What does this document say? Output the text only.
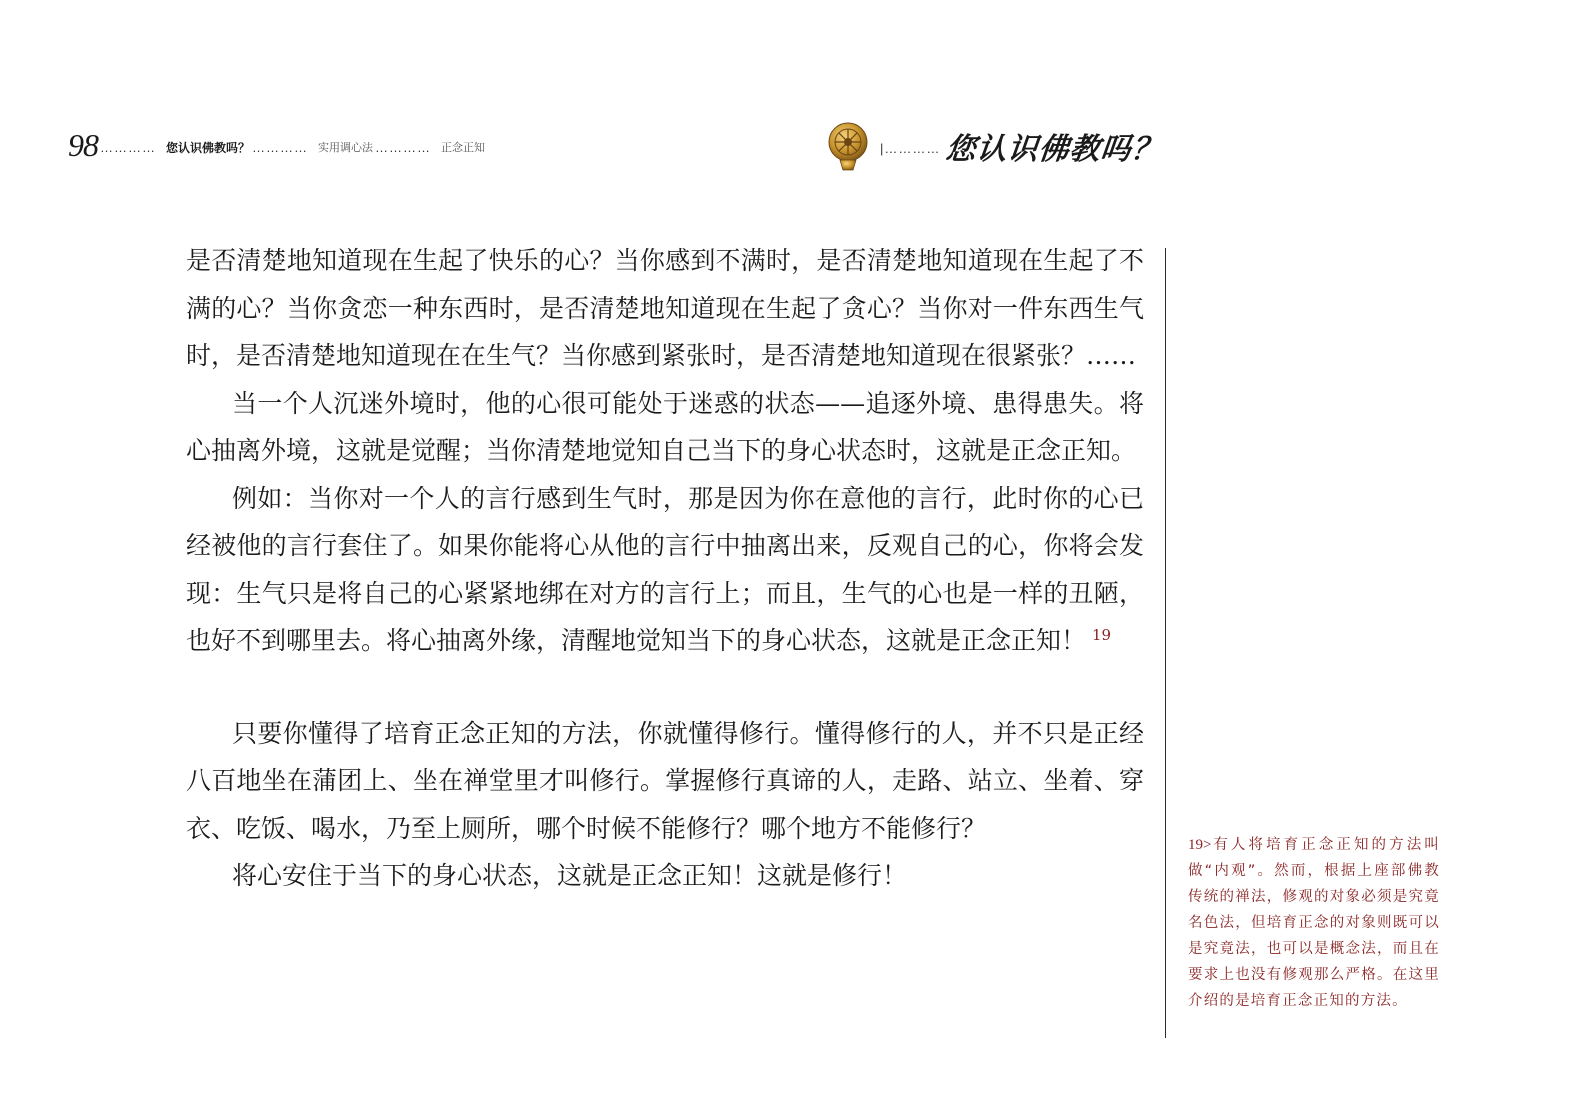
98 ………… 您认识佛教吗？ ………… 实用调心法 ………… 正念正知	|………… 您认识佛教吗？

是否清楚地知道现在生起了快乐的心？当你感到不满时，是否清楚地知道现在生起了不满的心？当你贪恋一种东西时，是否清楚地知道现在生起了贪心？当你对一件东西生气时，是否清楚地知道现在在生气？当你感到紧张时，是否清楚地知道现在很紧张？……

当一个人沉迷外境时，他的心很可能处于迷惑的状态——追逐外境、患得患失。将心抽离外境，这就是觉醒；当你清楚地觉知自己当下的身心状态时，这就是正念正知。

例如：当你对一个人的言行感到生气时，那是因为你在意他的言行，此时你的心已经被他的言行套住了。如果你能将心从他的言行中抽离出来，反观自己的心，你将会发现：生气只是将自己的心紧紧地绑在对方的言行上；而且，生气的心也是一样的丑陋，也好不到哪里去。将心抽离外缘，清醒地觉知当下的身心状态，这就是正念正知！ $^{19}$

只要你懂得了培育正念正知的方法，你就懂得修行。懂得修行的人，并不只是正经八百地坐在蒲团上、坐在禅堂里才叫修行。掌握修行真谛的人，走路、站立、坐着、穿衣、吃饭、喝水，乃至上厕所，哪个时候不能修行？哪个地方不能修行？

将心安住于当下的身心状态，这就是正念正知！这就是修行！

19>有人将培育正念正知的方法叫做“内观”。然而，根据上座部佛教传统的禅法，修观的对象必须是究竟名色法，但培育正念的对象则既可以是究竟法，也可以是概念法，而且在要求上也没有修观那么严格。在这里介绍的是培育正念正知的方法。
